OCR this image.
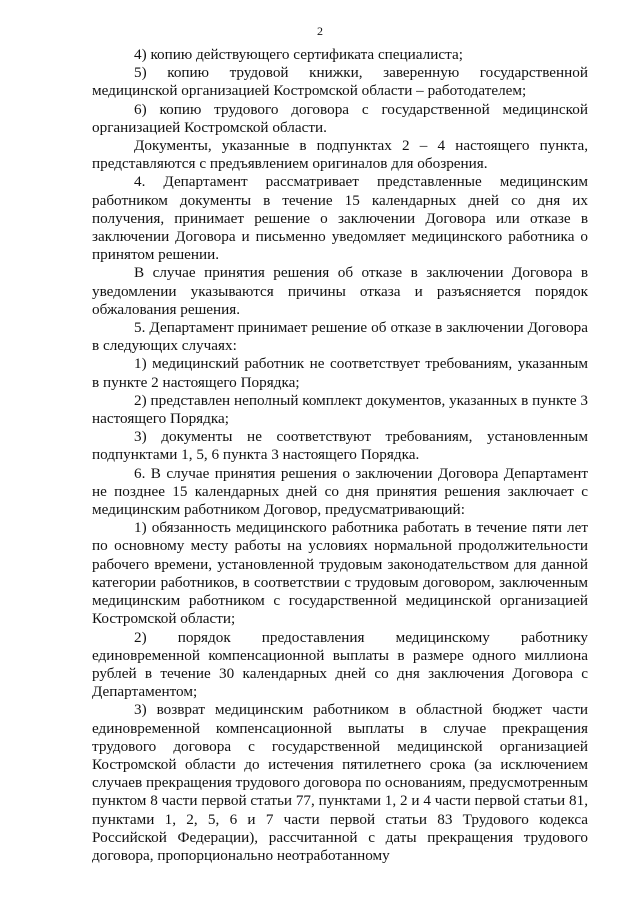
2

4) копию действующего сертификата специалиста;

5) копию трудовой книжки, заверенную государственной медицинской организацией Костромской области – работодателем;

6) копию трудового договора с государственной медицинской организацией Костромской области.

Документы, указанные в подпунктах 2 – 4 настоящего пункта, представляются с предъявлением оригиналов для обозрения.

4. Департамент рассматривает представленные медицинским работником документы в течение 15 календарных дней со дня их получения, принимает решение о заключении Договора или отказе в заключении Договора и письменно уведомляет медицинского работника о принятом решении.

В случае принятия решения об отказе в заключении Договора в уведомлении указываются причины отказа и разъясняется порядок обжалования решения.

5. Департамент принимает решение об отказе в заключении Договора в следующих случаях:

1) медицинский работник не соответствует требованиям, указанным в пункте 2 настоящего Порядка;

2) представлен неполный комплект документов, указанных в пункте 3 настоящего Порядка;

3) документы не соответствуют требованиям, установленным подпунктами 1, 5, 6 пункта 3 настоящего Порядка.

6. В случае принятия решения о заключении Договора Департамент не позднее 15 календарных дней со дня принятия решения заключает с медицинским работником Договор, предусматривающий:

1) обязанность медицинского работника работать в течение пяти лет по основному месту работы на условиях нормальной продолжительности рабочего времени, установленной трудовым законодательством для данной категории работников, в соответствии с трудовым договором, заключенным медицинским работником с государственной медицинской организацией Костромской области;

2) порядок предоставления медицинскому работнику единовременной компенсационной выплаты в размере одного миллиона рублей в течение 30 календарных дней со дня заключения Договора с Департаментом;

3) возврат медицинским работником в областной бюджет части единовременной компенсационной выплаты в случае прекращения трудового договора с государственной медицинской организацией Костромской области до истечения пятилетнего срока (за исключением случаев прекращения трудового договора по основаниям, предусмотренным пунктом 8 части первой статьи 77, пунктами 1, 2 и 4 части первой статьи 81, пунктами 1, 2, 5, 6 и 7 части первой статьи 83 Трудового кодекса Российской Федерации), рассчитанной с даты прекращения трудового договора, пропорционально неотработанному
